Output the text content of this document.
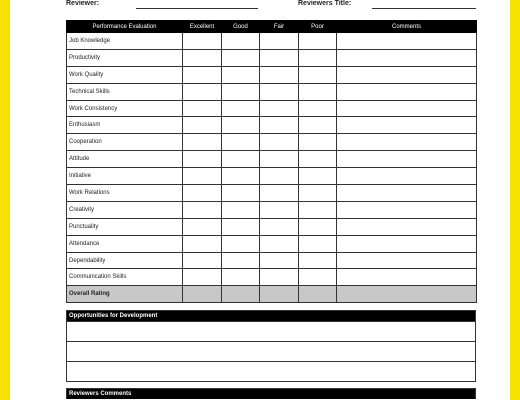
Reviewer:	Reviewers Title:
Performance Evaluation	Excellent	Good	Fair	Poor	Comments
Job Knowledge					
Productivity					
Work Quality					
Technical Skills					
Work Consistency					
Enthusiasm					
Cooperation					
Attitude					
Initiative					
Work Relations					
Creativity					
Punctuality					
Attendance					
Dependability					
Communication Skills					
Overall Rating					
Opportunities for Development
Reviewers Comments
